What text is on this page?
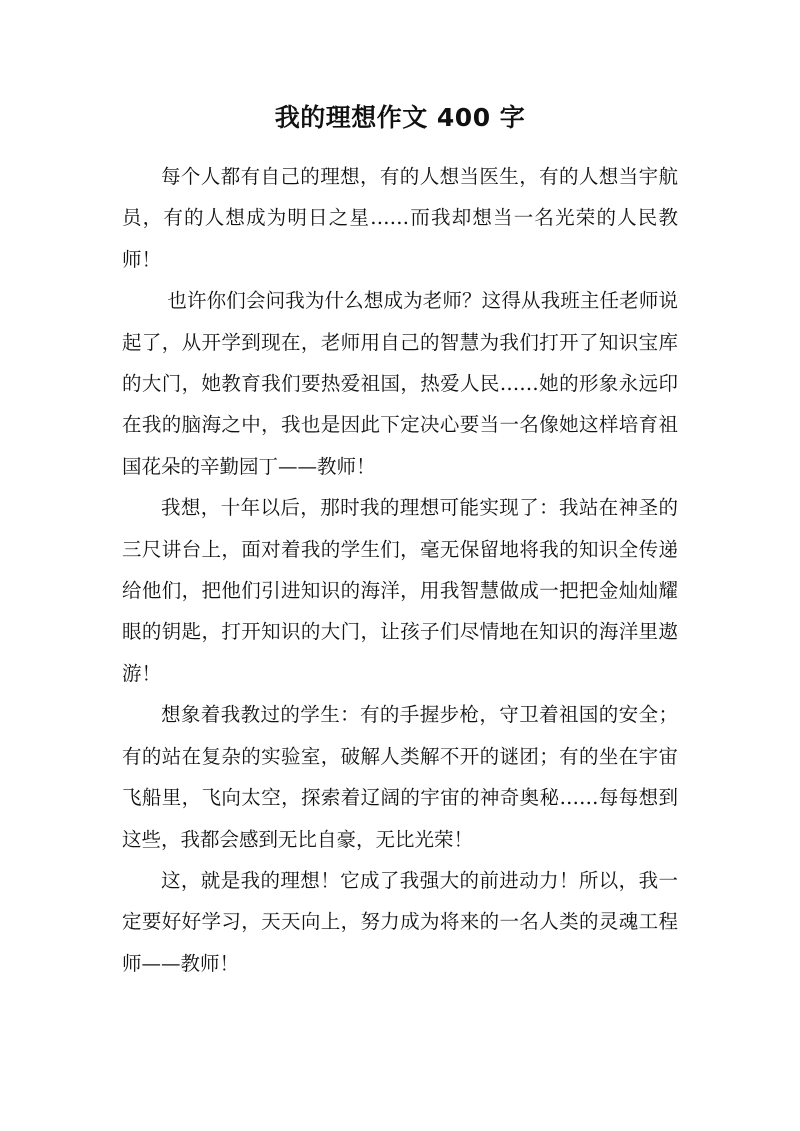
我的理想作文 400 字

每个人都有自己的理想，有的人想当医生，有的人想当宇航员，有的人想成为明日之星……而我却想当一名光荣的人民教师！

也许你们会问我为什么想成为老师？这得从我班主任老师说起了，从开学到现在，老师用自己的智慧为我们打开了知识宝库的大门，她教育我们要热爱祖国，热爱人民……她的形象永远印在我的脑海之中，我也是因此下定决心要当一名像她这样培育祖国花朵的辛勤园丁——教师！

我想，十年以后，那时我的理想可能实现了：我站在神圣的三尺讲台上，面对着我的学生们，毫无保留地将我的知识全传递给他们，把他们引进知识的海洋，用我智慧做成一把把金灿灿耀眼的钥匙，打开知识的大门，让孩子们尽情地在知识的海洋里遨游！

想象着我教过的学生：有的手握步枪，守卫着祖国的安全；有的站在复杂的实验室，破解人类解不开的谜团；有的坐在宇宙飞船里，飞向太空，探索着辽阔的宇宙的神奇奥秘……每每想到这些，我都会感到无比自豪，无比光荣！

这，就是我的理想！它成了我强大的前进动力！所以，我一定要好好学习，天天向上，努力成为将来的一名人类的灵魂工程师——教师！
